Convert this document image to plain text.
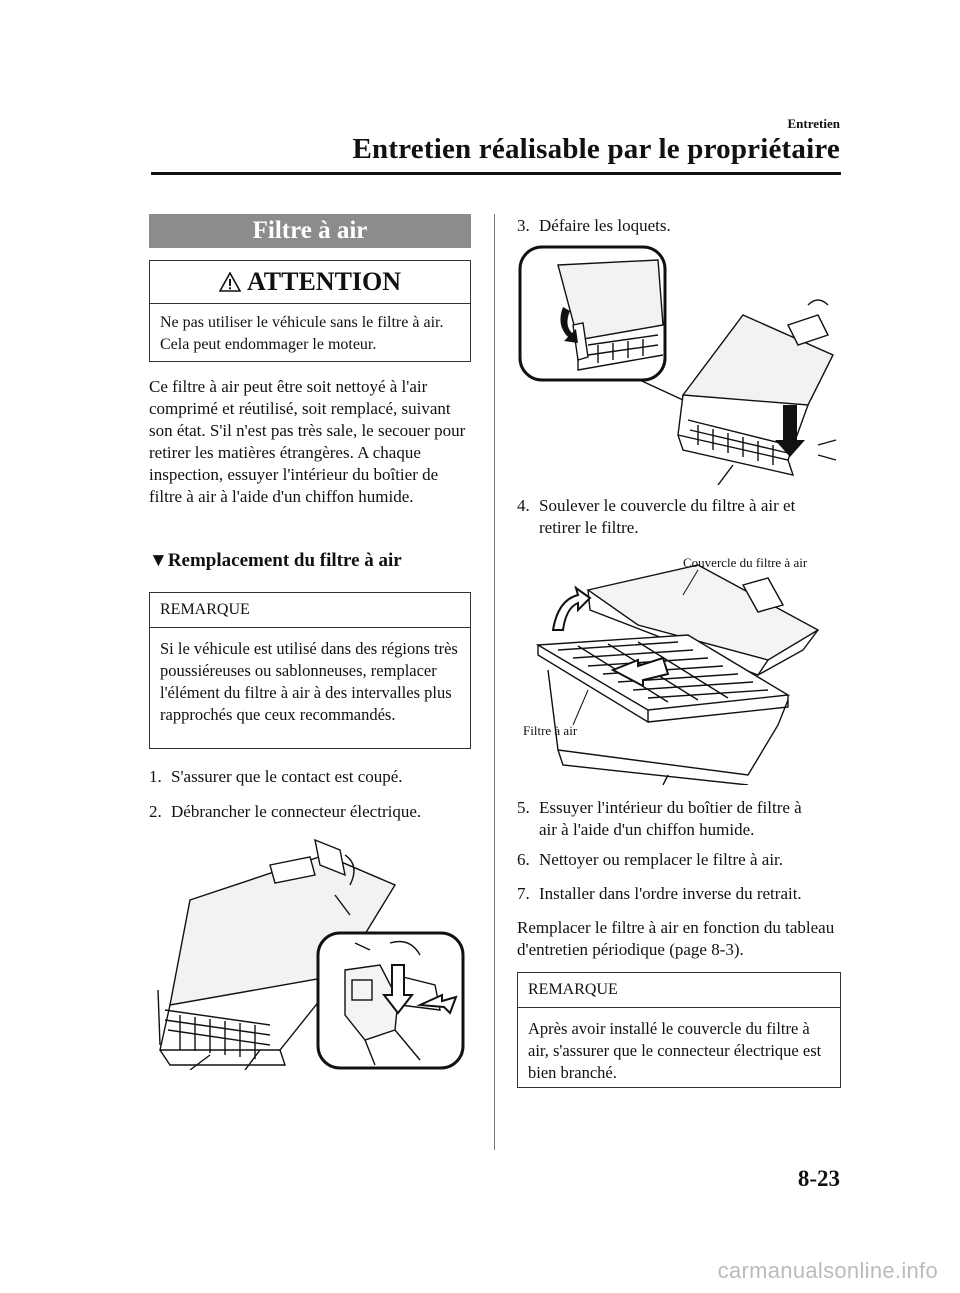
Entretien
Entretien réalisable par le propriétaire
Filtre à air
ATTENTION
Ne pas utiliser le véhicule sans le filtre à air. Cela peut endommager le moteur.

Ce filtre à air peut être soit nettoyé à l'air comprimé et réutilisé, soit remplacé, suivant son état. S'il n'est pas très sale, le secouer pour retirer les matières étrangères. A chaque inspection, essuyer l'intérieur du boîtier de filtre à air à l'aide d'un chiffon humide.

▼Remplacement du filtre à air
REMARQUE
Si le véhicule est utilisé dans des régions très poussiéreuses ou sablonneuses, remplacer l'élément du filtre à air à des intervalles plus rapprochés que ceux recommandés.
1. S'assurer que le contact est coupé.
2. Débrancher le connecteur électrique.
3. Défaire les loquets.
4. Soulever le couvercle du filtre à air et
retirer le filtre.
Couvercle du filtre à air
Filtre à air
5. Essuyer l'intérieur du boîtier de filtre à
air à l'aide d'un chiffon humide.
6. Nettoyer ou remplacer le filtre à air.
7. Installer dans l'ordre inverse du retrait.

Remplacer le filtre à air en fonction du tableau d'entretien périodique (page 8-3).

REMARQUE
Après avoir installé le couvercle du filtre à air, s'assurer que le connecteur électrique est bien branché.
8-23
carmanualsonline.info
